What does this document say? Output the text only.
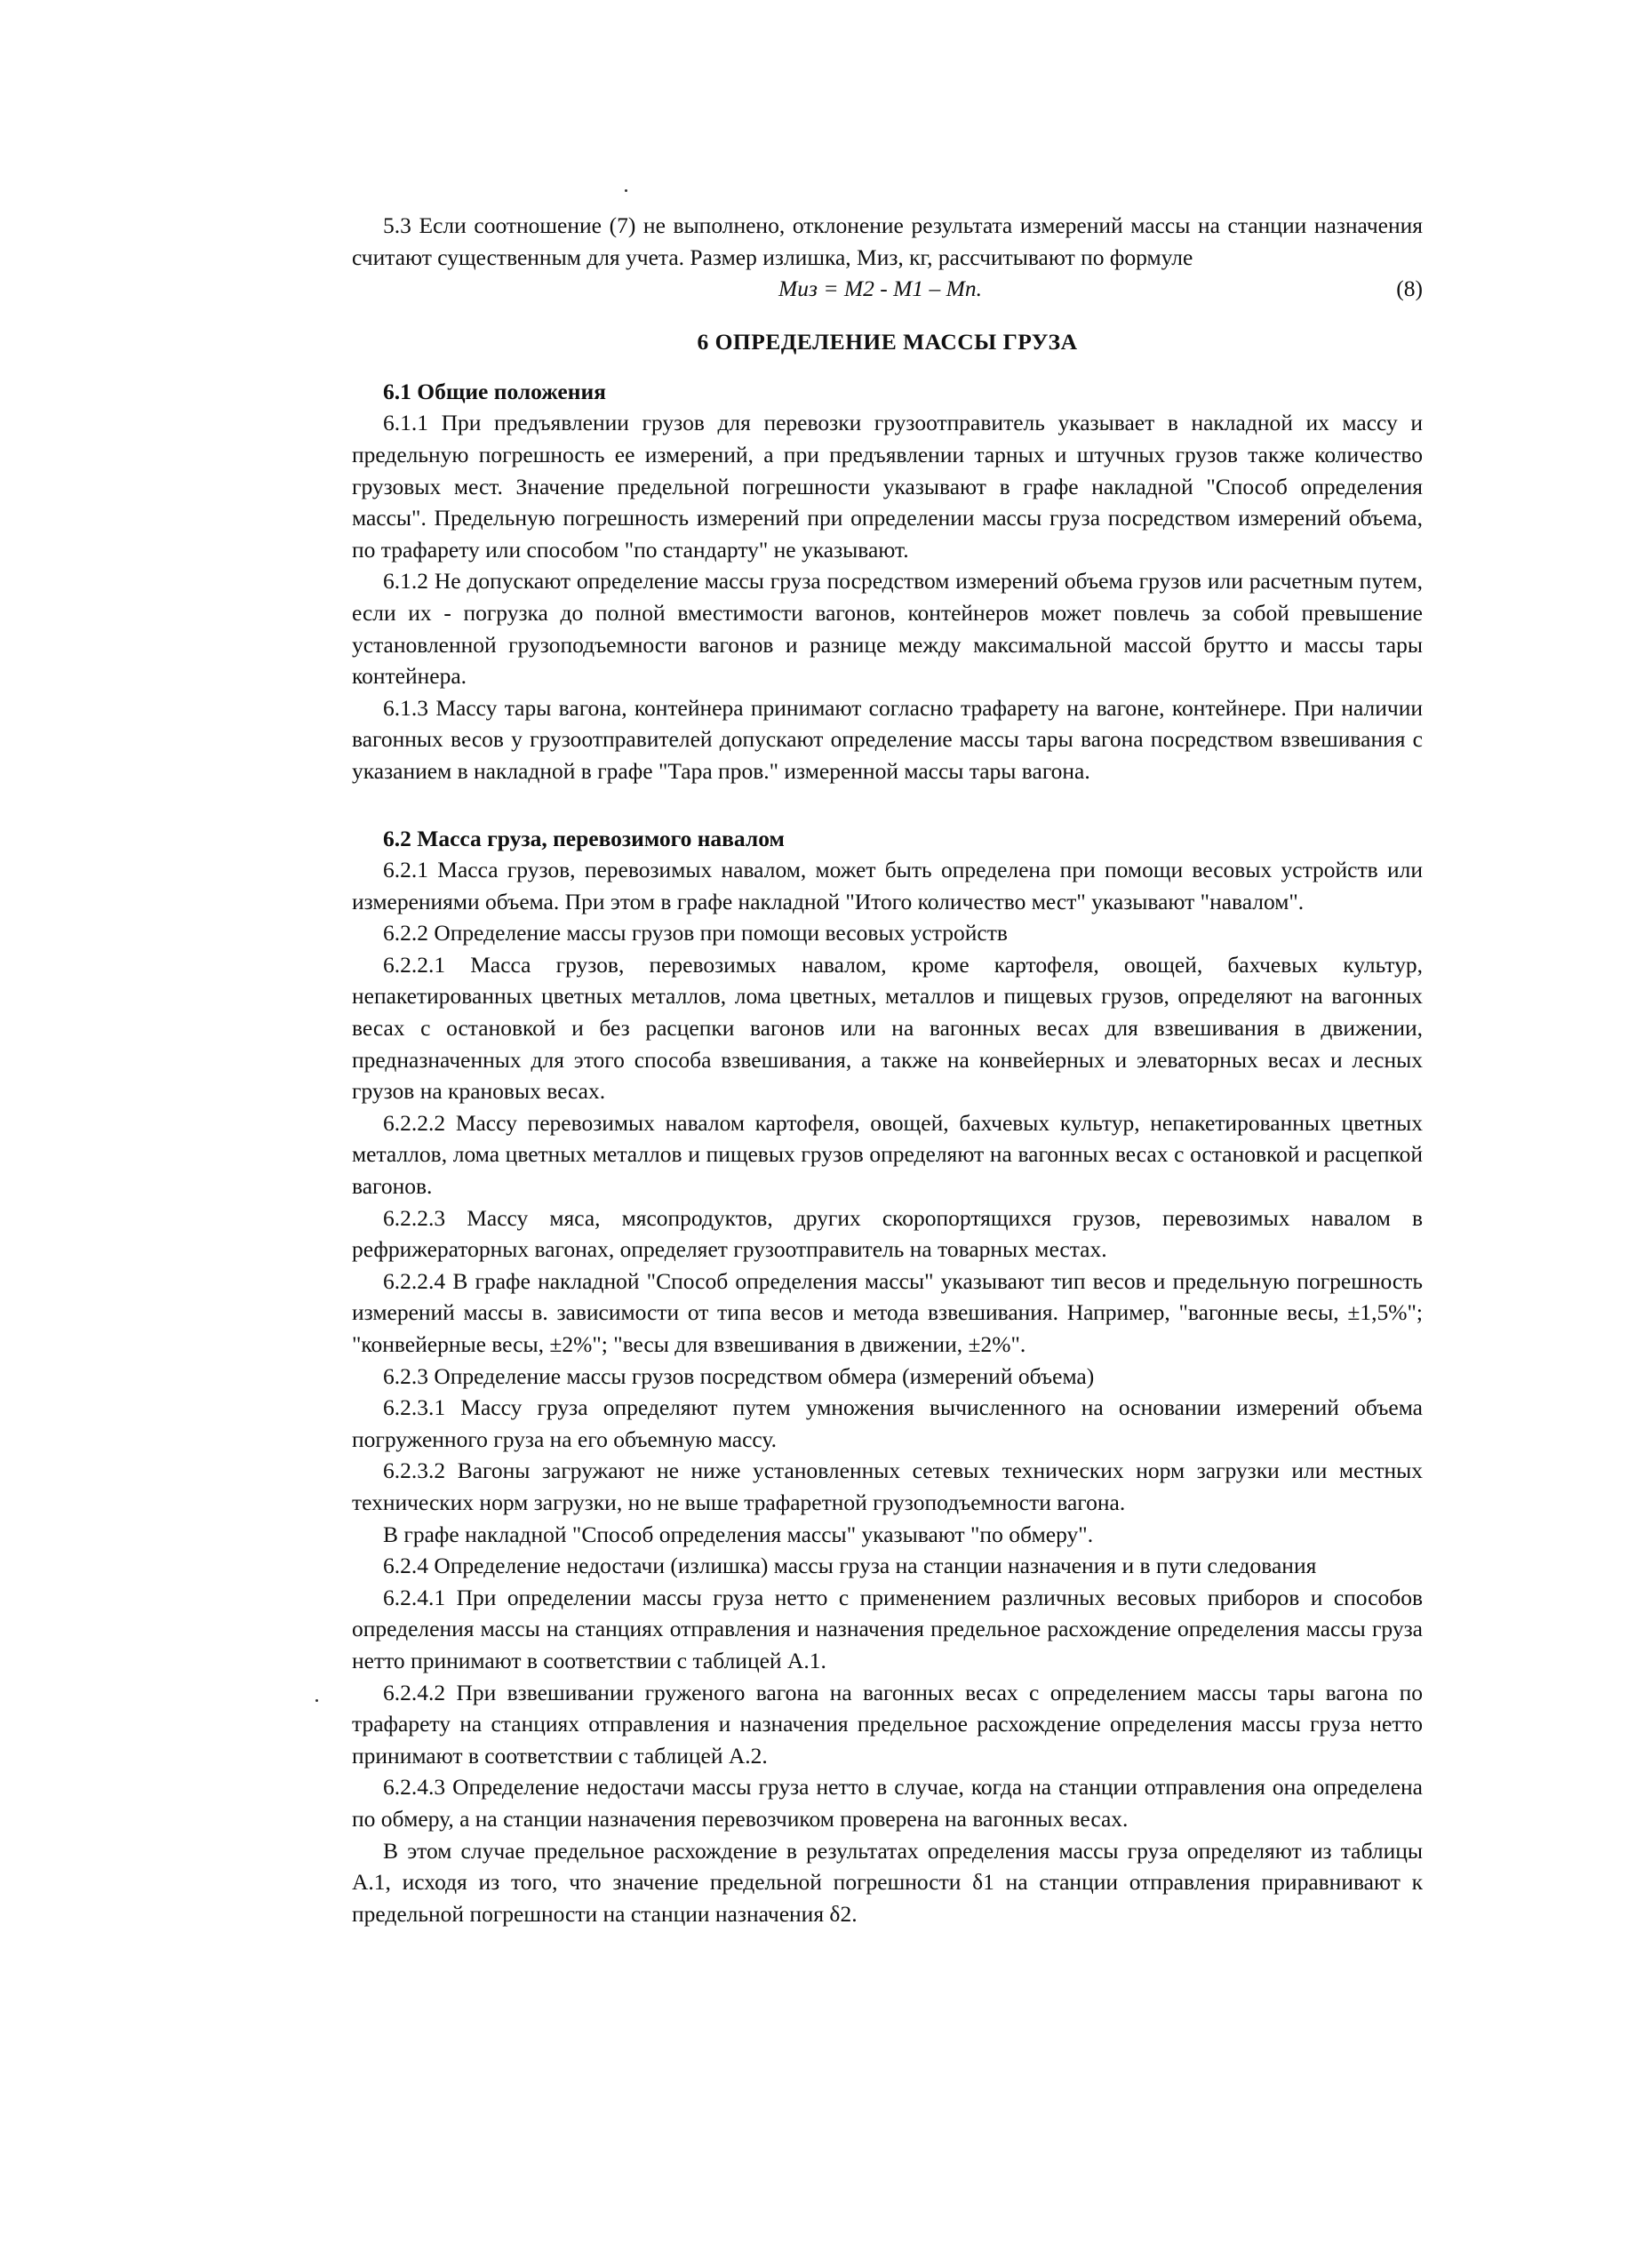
5.3 Если соотношение (7) не выполнено, отклонение результата измерений массы на станции назначения считают существенным для учета. Размер излишка, Mиз, кг, рассчитывают по формуле

Mиз = M2 - M1 – Mп.	(8)
6 ОПРЕДЕЛЕНИЕ МАССЫ ГРУЗА
6.1 Общие положения

6.1.1 При предъявлении грузов для перевозки грузоотправитель указывает в накладной их массу и предельную погрешность ее измерений, а при предъявлении тарных и штучных грузов также количество грузовых мест. Значение предельной погрешности указывают в графе накладной "Способ определения массы". Предельную погрешность измерений при определении массы груза посредством измерений объема, по трафарету или способом "по стандарту" не указывают.

6.1.2 Не допускают определение массы груза посредством измерений объема грузов или расчетным путем, если их - погрузка до полной вместимости вагонов, контейнеров может повлечь за собой превышение установленной грузоподъемности вагонов и разнице между максимальной массой брутто и массы тары контейнера.

6.1.3 Массу тары вагона, контейнера принимают согласно трафарету на вагоне, контейнере. При наличии вагонных весов у грузоотправителей допускают определение массы тары вагона посредством взвешивания с указанием в накладной в графе "Тара пров." измеренной массы тары вагона.

6.2 Масса груза, перевозимого навалом

6.2.1 Масса грузов, перевозимых навалом, может быть определена при помощи весовых устройств или измерениями объема. При этом в графе накладной "Итого количество мест" указывают "навалом".

6.2.2 Определение массы грузов при помощи весовых устройств

6.2.2.1 Масса грузов, перевозимых навалом, кроме картофеля, овощей, бахчевых культур, непакетированных цветных металлов, лома цветных, металлов и пищевых грузов, определяют на вагонных весах с остановкой и без расцепки вагонов или на вагонных весах для взвешивания в движении, предназначенных для этого способа взвешивания, а также на конвейерных и элеваторных весах и лесных грузов на крановых весах.

6.2.2.2 Массу перевозимых навалом картофеля, овощей, бахчевых культур, непакетированных цветных металлов, лома цветных металлов и пищевых грузов определяют на вагонных весах с остановкой и расцепкой вагонов.

6.2.2.3 Массу мяса, мясопродуктов, других скоропортящихся грузов, перевозимых навалом в рефрижераторных вагонах, определяет грузоотправитель на товарных местах.

6.2.2.4 В графе накладной "Способ определения массы" указывают тип весов и предельную погрешность измерений массы в. зависимости от типа весов и метода взвешивания. Например, "вагонные весы, ±1,5%"; "конвейерные весы, ±2%"; "весы для взвешивания в движении, ±2%".

6.2.3 Определение массы грузов посредством обмера (измерений объема)

6.2.3.1 Массу груза определяют путем умножения вычисленного на основании измерений объема погруженного груза на его объемную массу.

6.2.3.2 Вагоны загружают не ниже установленных сетевых технических норм загрузки или местных технических норм загрузки, но не выше трафаретной грузоподъемности вагона.

В графе накладной "Способ определения массы" указывают "по обмеру".

6.2.4 Определение недостачи (излишка) массы груза на станции назначения и в пути следования

6.2.4.1 При определении массы груза нетто с применением различных весовых приборов и способов определения массы на станциях отправления и назначения предельное расхождение определения массы груза нетто принимают в соответствии с таблицей А.1.

6.2.4.2 При взвешивании груженого вагона на вагонных весах с определением массы тары вагона по трафарету на станциях отправления и назначения предельное расхождение определения массы груза нетто принимают в соответствии с таблицей А.2.

6.2.4.3 Определение недостачи массы груза нетто в случае, когда на станции отправления она определена по обмеру, а на станции назначения перевозчиком проверена на вагонных весах.

В этом случае предельное расхождение в результатах определения массы груза определяют из таблицы А.1, исходя из того, что значение предельной погрешности δ1 на станции отправления приравнивают к предельной погрешности на станции назначения δ2.
